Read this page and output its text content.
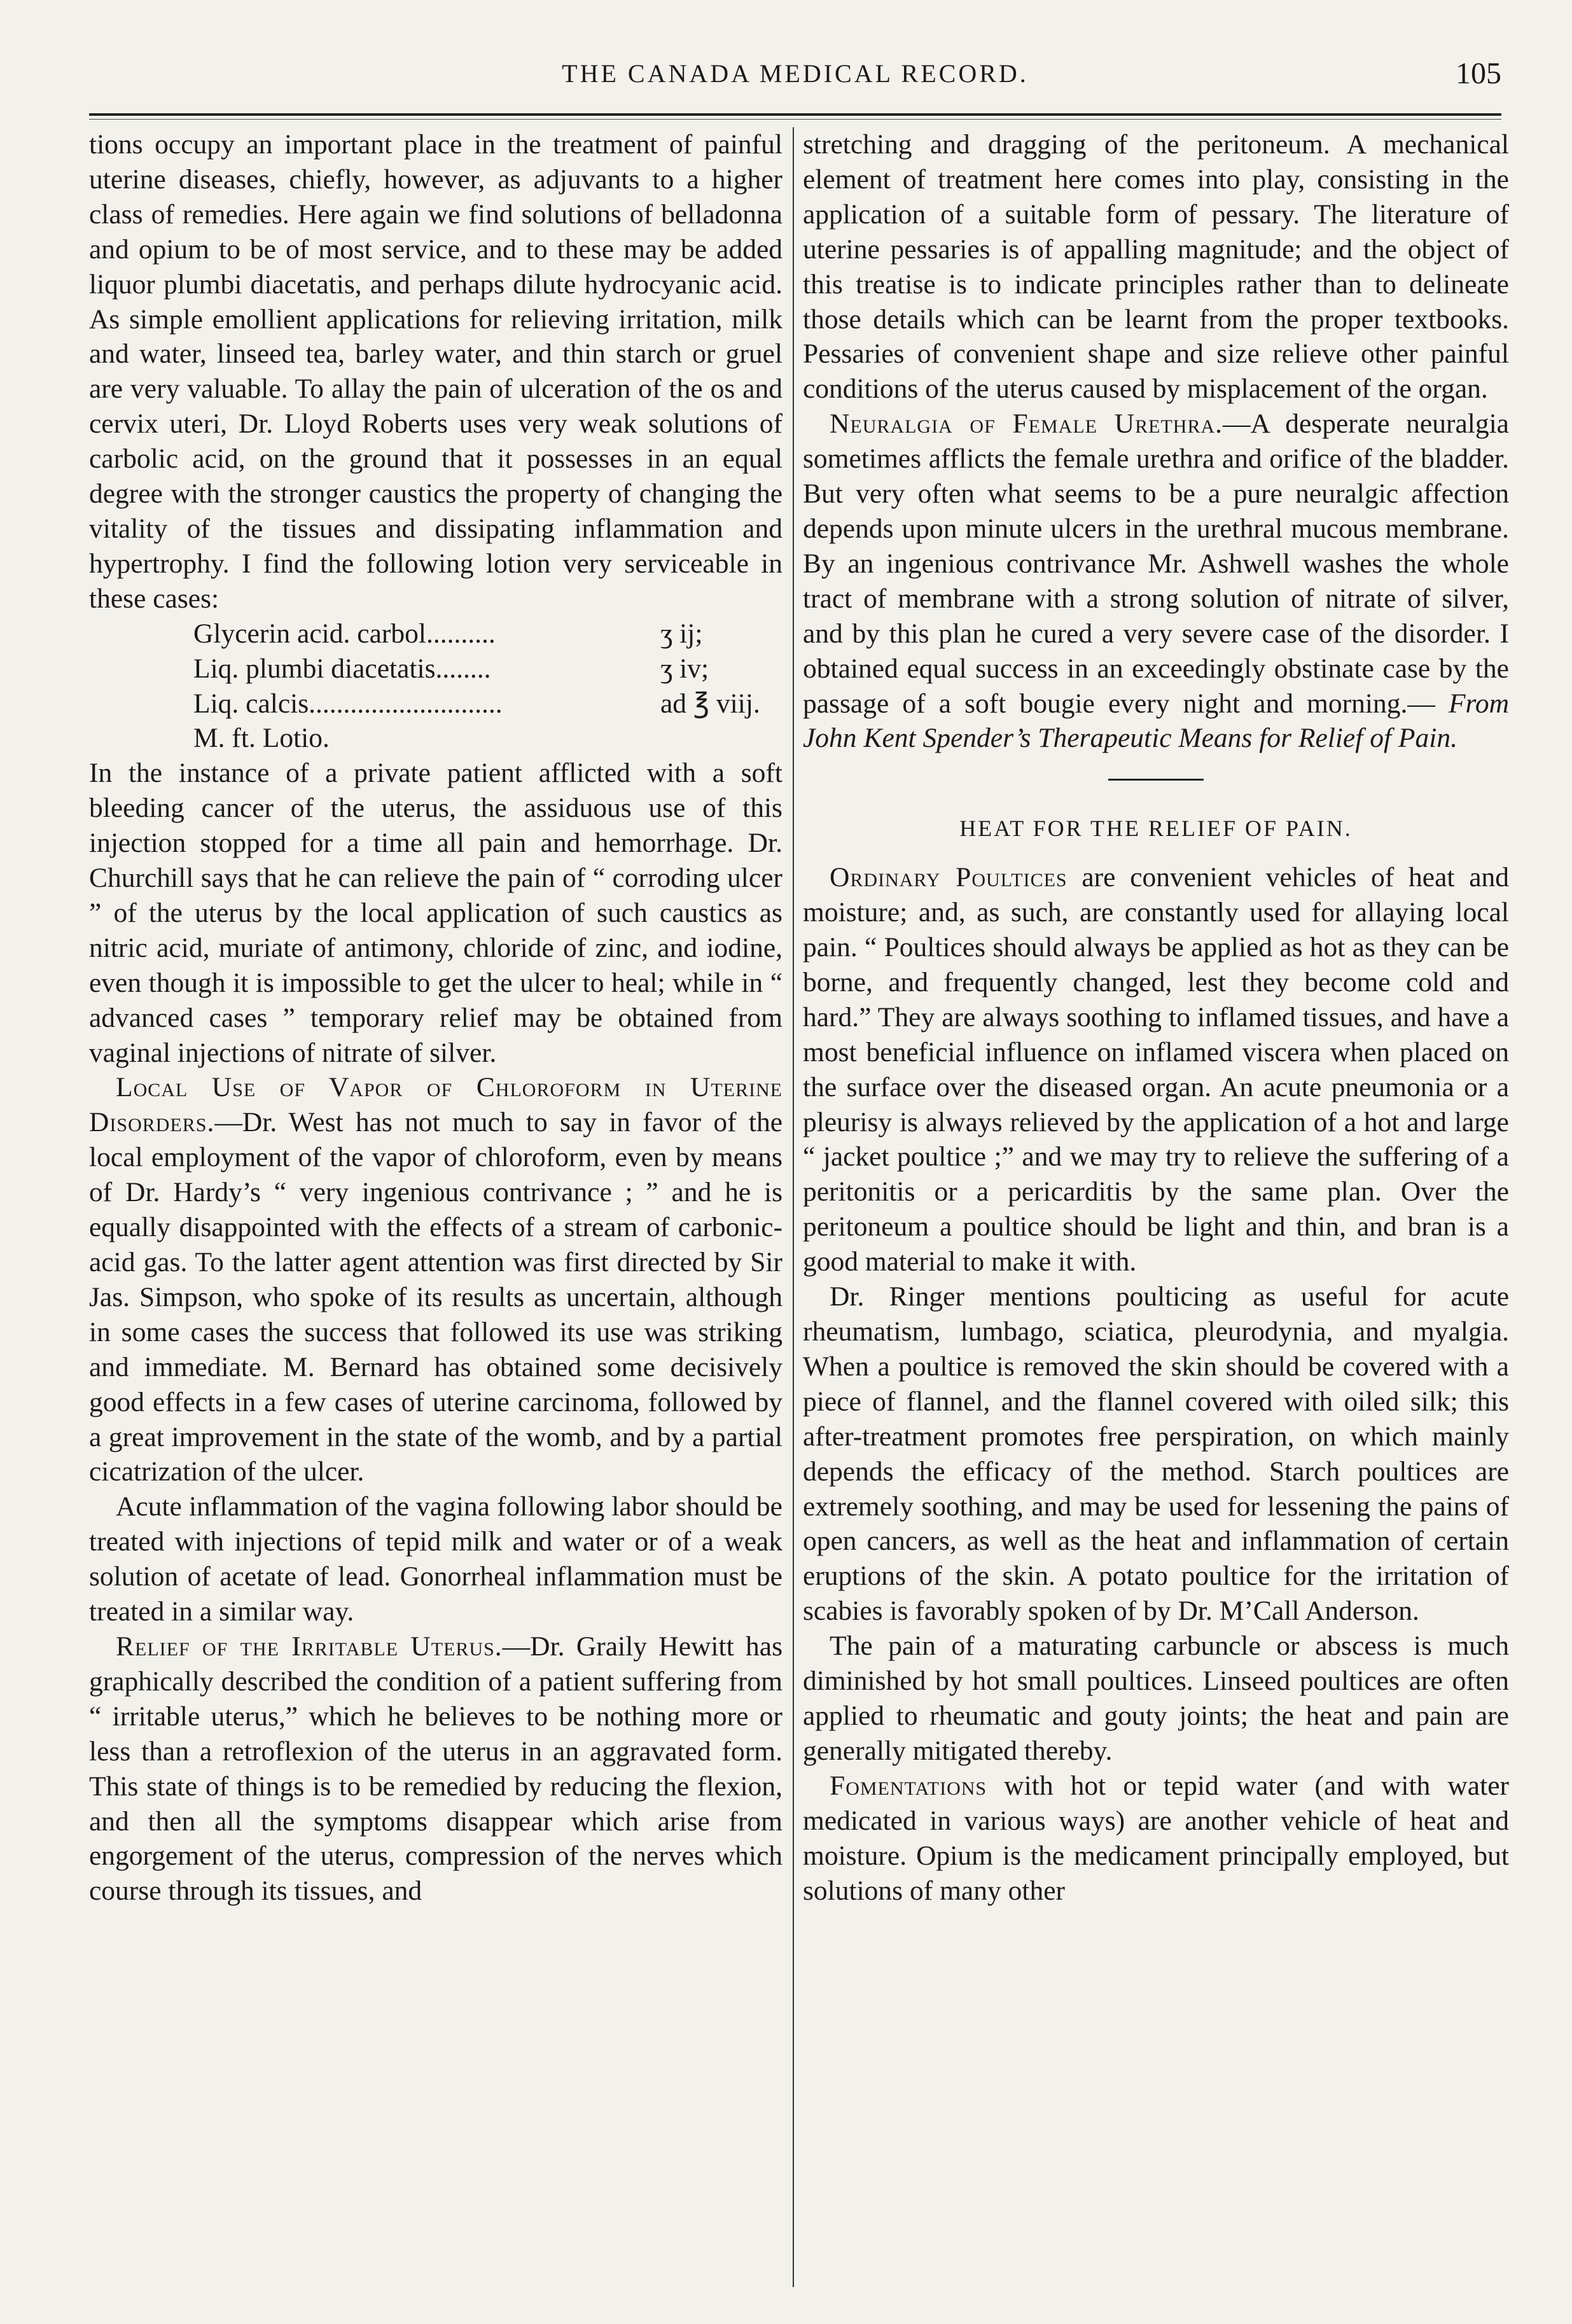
THE CANADA MEDICAL RECORD.	105

tions occupy an important place in the treatment of painful uterine diseases, chiefly, however, as adjuvants to a higher class of remedies. Here again we find solutions of belladonna and opium to be of most service, and to these may be added liquor plumbi diacetatis, and perhaps dilute hydrocyanic acid. As simple emollient applications for relieving irritation, milk and water, linseed tea, barley water, and thin starch or gruel are very valuable. To allay the pain of ulceration of the os and cervix uteri, Dr. Lloyd Roberts uses very weak solutions of carbolic acid, on the ground that it possesses in an equal degree with the stronger caustics the property of changing the vitality of the tissues and dissipating inflammation and hypertrophy. I find the following lotion very serviceable in these cases:

Glycerin acid. carbol..........	ʒ ij;
Liq. plumbi diacetatis........	ʒ iv;
Liq. calcis............................	ad ℥ viij.

M. ft. Lotio.

In the instance of a private patient afflicted with a soft bleeding cancer of the uterus, the assiduous use of this injection stopped for a time all pain and hemorrhage. Dr. Churchill says that he can relieve the pain of “ corroding ulcer ” of the uterus by the local application of such caustics as nitric acid, muriate of antimony, chloride of zinc, and iodine, even though it is impossible to get the ulcer to heal; while in “ advanced cases ” temporary relief may be obtained from vaginal injections of nitrate of silver.

Local Use of Vapor of Chloroform in Uterine Disorders.—Dr. West has not much to say in favor of the local employment of the vapor of chloroform, even by means of Dr. Hardy’s “ very ingenious contrivance ; ” and he is equally disappointed with the effects of a stream of carbonic-acid gas. To the latter agent attention was first directed by Sir Jas. Simpson, who spoke of its results as uncertain, although in some cases the success that followed its use was striking and immediate. M. Bernard has obtained some decisively good effects in a few cases of uterine carcinoma, followed by a great improvement in the state of the womb, and by a partial cicatrization of the ulcer.

Acute inflammation of the vagina following labor should be treated with injections of tepid milk and water or of a weak solution of acetate of lead. Gonorrheal inflammation must be treated in a similar way.

Relief of the Irritable Uterus.—Dr. Graily Hewitt has graphically described the condition of a patient suffering from “ irritable uterus,” which he believes to be nothing more or less than a retroflexion of the uterus in an aggravated form. This state of things is to be remedied by reducing the flexion, and then all the symptoms disappear which arise from engorgement of the uterus, compression of the nerves which course through its tissues, and

stretching and dragging of the peritoneum. A mechanical element of treatment here comes into play, consisting in the application of a suitable form of pessary. The literature of uterine pessaries is of appalling magnitude; and the object of this treatise is to indicate principles rather than to delineate those details which can be learnt from the proper textbooks. Pessaries of convenient shape and size relieve other painful conditions of the uterus caused by misplacement of the organ.

Neuralgia of Female Urethra.—A desperate neuralgia sometimes afflicts the female urethra and orifice of the bladder. But very often what seems to be a pure neuralgic affection depends upon minute ulcers in the urethral mucous membrane. By an ingenious contrivance Mr. Ashwell washes the whole tract of membrane with a strong solution of nitrate of silver, and by this plan he cured a very severe case of the disorder. I obtained equal success in an exceedingly obstinate case by the passage of a soft bougie every night and morning.— From John Kent Spender’s Therapeutic Means for Relief of Pain.

HEAT FOR THE RELIEF OF PAIN.

Ordinary Poultices are convenient vehicles of heat and moisture; and, as such, are constantly used for allaying local pain. “ Poultices should always be applied as hot as they can be borne, and frequently changed, lest they become cold and hard.” They are always soothing to inflamed tissues, and have a most beneficial influence on inflamed viscera when placed on the surface over the diseased organ. An acute pneumonia or a pleurisy is always relieved by the application of a hot and large “ jacket poultice ;” and we may try to relieve the suffering of a peritonitis or a pericarditis by the same plan. Over the peritoneum a poultice should be light and thin, and bran is a good material to make it with.

Dr. Ringer mentions poulticing as useful for acute rheumatism, lumbago, sciatica, pleurodynia, and myalgia. When a poultice is removed the skin should be covered with a piece of flannel, and the flannel covered with oiled silk; this after-treatment promotes free perspiration, on which mainly depends the efficacy of the method. Starch poultices are extremely soothing, and may be used for lessening the pains of open cancers, as well as the heat and inflammation of certain eruptions of the skin. A potato poultice for the irritation of scabies is favorably spoken of by Dr. M’Call Anderson.

The pain of a maturating carbuncle or abscess is much diminished by hot small poultices. Linseed poultices are often applied to rheumatic and gouty joints; the heat and pain are generally mitigated thereby.

Fomentations with hot or tepid water (and with water medicated in various ways) are another vehicle of heat and moisture. Opium is the medicament principally employed, but solutions of many other
